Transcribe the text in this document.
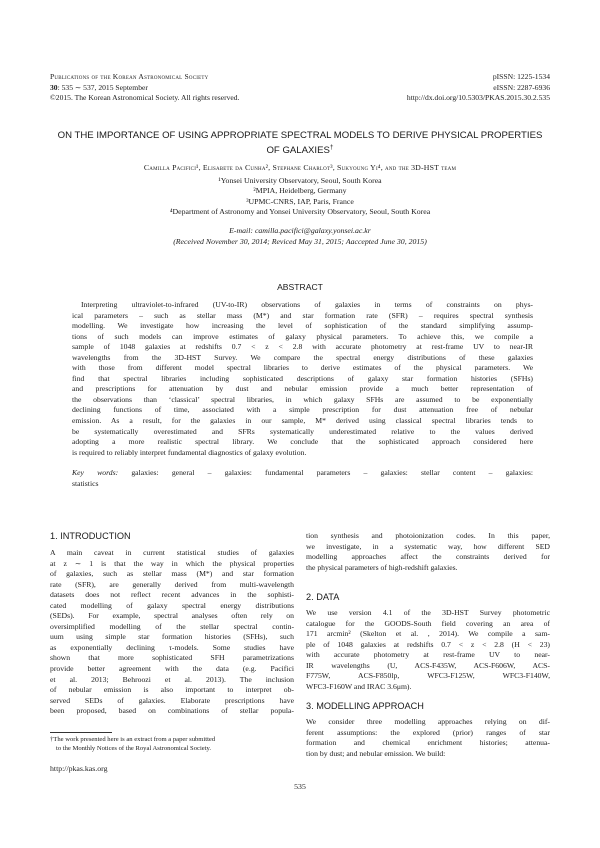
Publications of the Korean Astronomical Society
30: 535 ∼ 537, 2015 September
©2015. The Korean Astronomical Society. All rights reserved.
pISSN: 1225-1534
eISSN: 2287-6936
http://dx.doi.org/10.5303/PKAS.2015.30.2.535
ON THE IMPORTANCE OF USING APPROPRIATE SPECTRAL MODELS TO DERIVE PHYSICAL PROPERTIES
OF GALAXIES†
Camilla Pacifici¹, Elisabete da Cunha², Stephane Charlot³, Sukyoung Yi⁴, and the 3D-HST team
¹Yonsei University Observatory, Seoul, South Korea
²MPIA, Heidelberg, Germany
³UPMC-CNRS, IAP, Paris, France
⁴Department of Astronomy and Yonsei University Observatory, Seoul, South Korea
E-mail: camilla.pacifici@galaxy.yonsei.ac.kr
(Received November 30, 2014; Reviced May 31, 2015; Aaccepted June 30, 2015)
ABSTRACT
Interpreting ultraviolet-to-infrared (UV-to-IR) observations of galaxies in terms of constraints on phys-
ical parameters – such as stellar mass (M*) and star formation rate (SFR) – requires spectral synthesis
modelling. We investigate how increasing the level of sophistication of the standard simplifying assump-
tions of such models can improve estimates of galaxy physical parameters. To achieve this, we compile a
sample of 1048 galaxies at redshifts 0.7 < z < 2.8 with accurate photometry at rest-frame UV to near-IR
wavelengths from the 3D-HST Survey. We compare the spectral energy distributions of these galaxies
with those from different model spectral libraries to derive estimates of the physical parameters. We
find that spectral libraries including sophisticated descriptions of galaxy star formation histories (SFHs)
and prescriptions for attenuation by dust and nebular emission provide a much better representation of
the observations than ‘classical’ spectral libraries, in which galaxy SFHs are assumed to be exponentially
declining functions of time, associated with a simple prescription for dust attenuation free of nebular
emission. As a result, for the galaxies in our sample, M* derived using classical spectral libraries tends to
be systematically overestimated and SFRs systematically underestimated relative to the values derived
adopting a more realistic spectral library. We conclude that the sophisticated approach considered here
is required to reliably interpret fundamental diagnostics of galaxy evolution.
Key words: galaxies: general – galaxies: fundamental parameters – galaxies: stellar content – galaxies:
statistics
1. INTRODUCTION
A main caveat in current statistical studies of galaxies
at z ∼ 1 is that the way in which the physical properties
of galaxies, such as stellar mass (M*) and star formation
rate (SFR), are generally derived from multi-wavelength
datasets does not reflect recent advances in the sophisti-
cated modelling of galaxy spectral energy distributions
(SEDs). For example, spectral analyses often rely on
oversimplified modelling of the stellar spectral contin-
uum using simple star formation histories (SFHs), such
as exponentially declining τ-models. Some studies have
shown that more sophisticated SFH parametrizations
provide better agreement with the data (e.g. Pacifici
et al. 2013; Behroozi et al. 2013). The inclusion
of nebular emission is also important to interpret ob-
served SEDs of galaxies. Elaborate prescriptions have
been proposed, based on combinations of stellar popula-
†The work presented here is an extract from a paper submitted
to the Monthly Notices of the Royal Astronomical Society.
http://pkas.kas.org
tion synthesis and photoionization codes. In this paper,
we investigate, in a systematic way, how different SED
modelling approaches affect the constraints derived for
the physical parameters of high-redshift galaxies.
2. DATA
We use version 4.1 of the 3D-HST Survey photometric
catalogue for the GOODS-South field covering an area of
171 arcmin² (Skelton et al. , 2014). We compile a sam-
ple of 1048 galaxies at redshifts 0.7 < z < 2.8 (H < 23)
with accurate photometry at rest-frame UV to near-
IR wavelengths (U, ACS-F435W, ACS-F606W, ACS-
F775W, ACS-F850lp, WFC3-F125W, WFC3-F140W,
WFC3-F160W and IRAC 3.6μm).
3. MODELLING APPROACH
We consider three modelling approaches relying on dif-
ferent assumptions: the explored (prior) ranges of star
formation and chemical enrichment histories; attenua-
tion by dust; and nebular emission. We build:
535
